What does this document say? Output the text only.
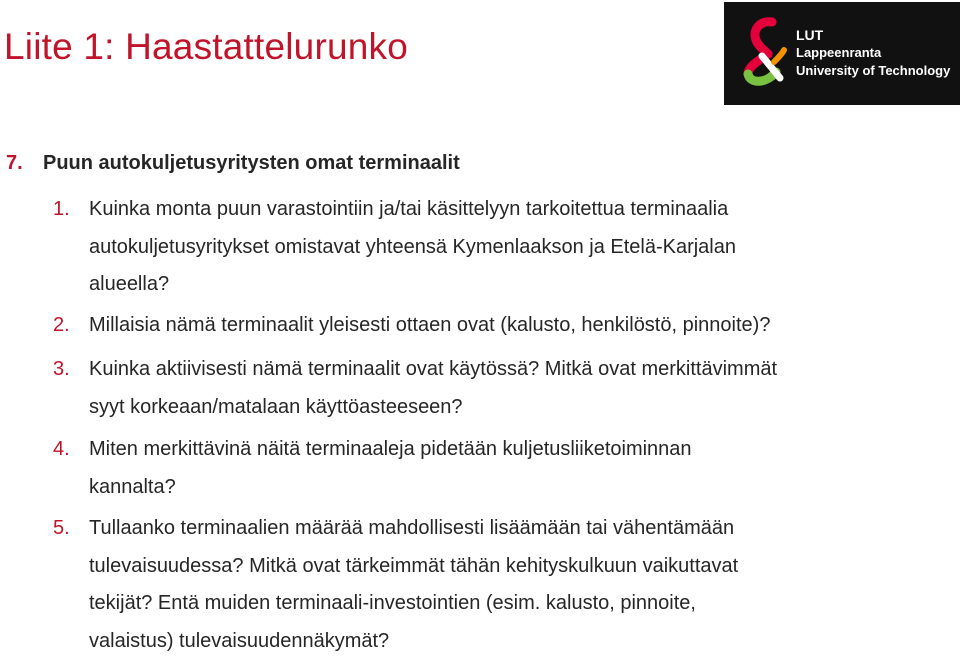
Liite 1: Haastattelurunko	LUT
Lappeenranta
University of Technology
7. Puun autokuljetusyritysten omat terminaalit
1. Kuinka monta puun varastointiin ja/tai käsittelyyn tarkoitettua terminaalia
autokuljetusyritykset omistavat yhteensä Kymenlaakson ja Etelä-Karjalan
alueella?
2. Millaisia nämä terminaalit yleisesti ottaen ovat (kalusto, henkilöstö, pinnoite)?
3. Kuinka aktiivisesti nämä terminaalit ovat käytössä? Mitkä ovat merkittävimmät
syyt korkeaan/matalaan käyttöasteeseen?
4. Miten merkittävinä näitä terminaaleja pidetään kuljetusliiketoiminnan
kannalta?
5. Tullaanko terminaalien määrää mahdollisesti lisäämään tai vähentämään
tulevaisuudessa? Mitkä ovat tärkeimmät tähän kehityskulkuun vaikuttavat
tekijät? Entä muiden terminaali-investointien (esim. kalusto, pinnoite,
valaistus) tulevaisuudennäkymät?
